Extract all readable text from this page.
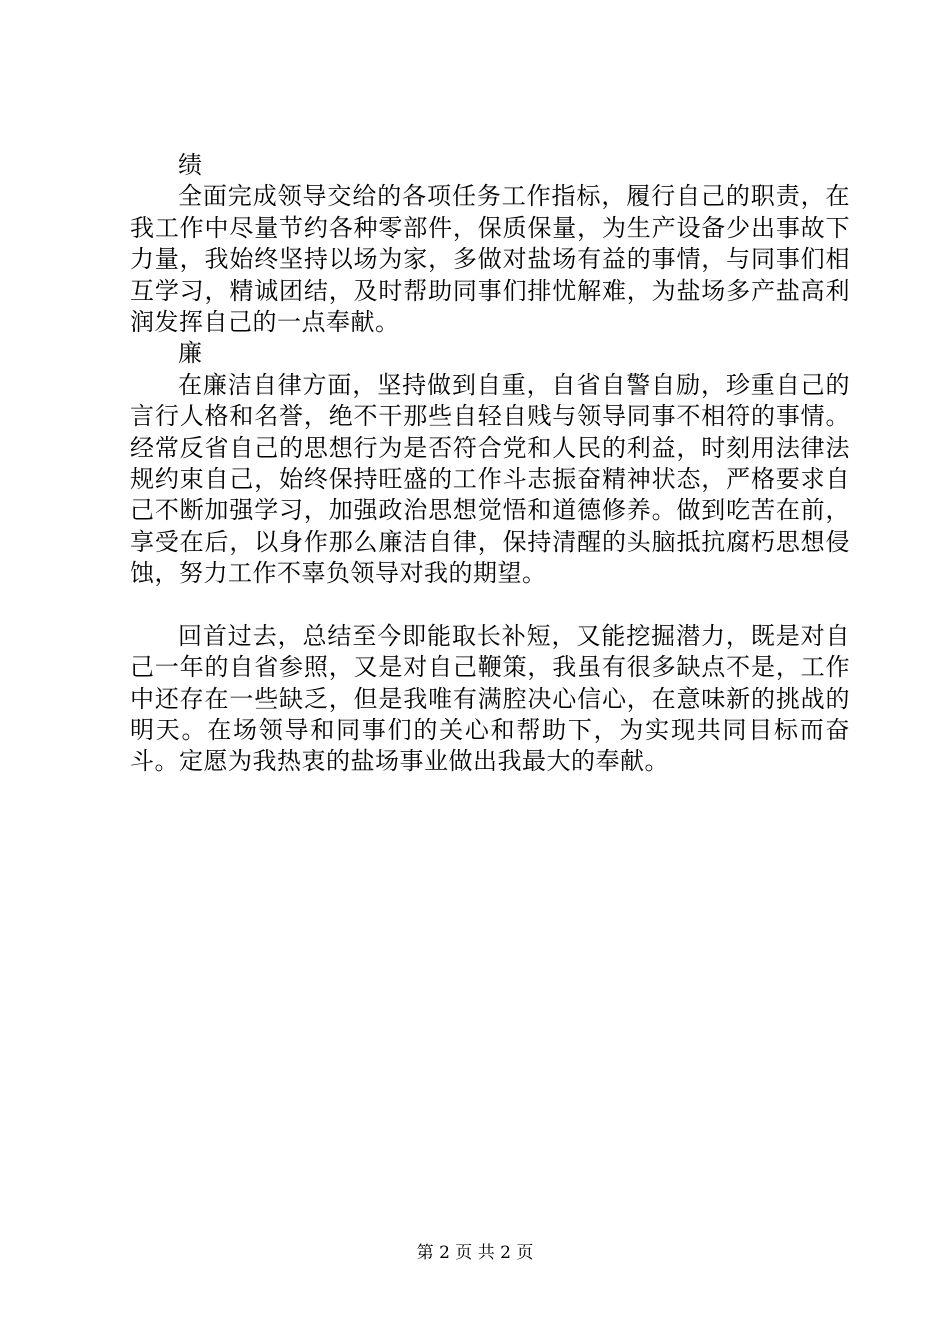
绩

全面完成领导交给的各项任务工作指标，履行自己的职责，在我工作中尽量节约各种零部件，保质保量，为生产设备少出事故下力量，我始终坚持以场为家，多做对盐场有益的事情，与同事们相互学习，精诚团结，及时帮助同事们排忧解难，为盐场多产盐高利润发挥自己的一点奉献。

廉

在廉洁自律方面，坚持做到自重，自省自警自励，珍重自己的言行人格和名誉，绝不干那些自轻自贱与领导同事不相符的事情。经常反省自己的思想行为是否符合党和人民的利益，时刻用法律法规约束自己，始终保持旺盛的工作斗志振奋精神状态，严格要求自己不断加强学习，加强政治思想觉悟和道德修养。做到吃苦在前，享受在后，以身作那么廉洁自律，保持清醒的头脑抵抗腐朽思想侵蚀，努力工作不辜负领导对我的期望。

回首过去，总结至今即能取长补短，又能挖掘潜力，既是对自己一年的自省参照，又是对自己鞭策，我虽有很多缺点不是，工作中还存在一些缺乏，但是我唯有满腔决心信心，在意味新的挑战的明天。在场领导和同事们的关心和帮助下，为实现共同目标而奋斗。定愿为我热衷的盐场事业做出我最大的奉献。

第 2 页 共 2 页
